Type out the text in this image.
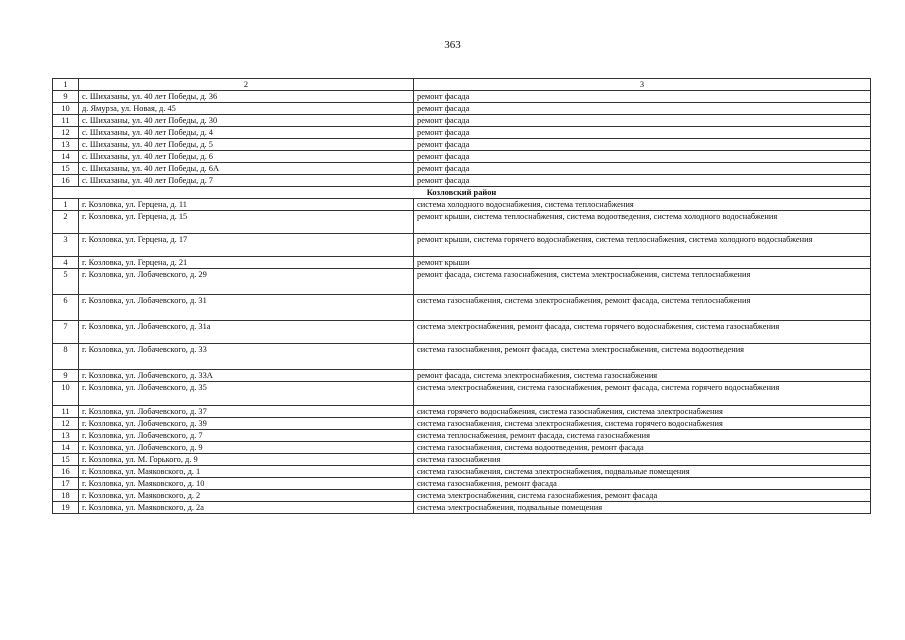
363
1	2	3
9	с. Шихазаны, ул. 40 лет Победы, д. 36	ремонт фасада
10	д. Ямурза, ул. Новая, д. 45	ремонт фасада
11	с. Шихазаны, ул. 40 лет Победы, д. 30	ремонт фасада
12	с. Шихазаны, ул. 40 лет Победы, д. 4	ремонт фасада
13	с. Шихазаны, ул. 40 лет Победы, д. 5	ремонт фасада
14	с. Шихазаны, ул. 40 лет Победы, д. 6	ремонт фасада
15	с. Шихазаны, ул. 40 лет Победы, д. 6А	ремонт фасада
16	с. Шихазаны, ул. 40 лет Победы, д. 7	ремонт фасада
Козловский район		
1	г. Козловка, ул. Герцена, д. 11	система холодного водоснабжения, система теплоснабжения
2	г. Козловка, ул. Герцена, д. 15	ремонт крыши, система теплоснабжения, система водоотведения, система холодного водоснабжения
3	г. Козловка, ул. Герцена, д. 17	ремонт крыши, система горячего водоснабжения, система теплоснабжения, система холодного водоснабжения
4	г. Козловка, ул. Герцена, д. 21	ремонт крыши
5	г. Козловка, ул. Лобачевского, д. 29	ремонт фасада, система газоснабжения, система электроснабжения, система теплоснабжения
6	г. Козловка, ул. Лобачевского, д. 31	система газоснабжения, система электроснабжения, ремонт фасада, система теплоснабжения
7	г. Козловка, ул. Лобачевского, д. 31а	система электроснабжения, ремонт фасада, система горячего водоснабжения, система газоснабжения
8	г. Козловка, ул. Лобачевского, д. 33	система газоснабжения, ремонт фасада, система электроснабжения, система водоотведения
9	г. Козловка, ул. Лобачевского, д. 33А	ремонт фасада, система электроснабжения, система газоснабжения
10	г. Козловка, ул. Лобачевского, д. 35	система электроснабжения, система газоснабжения, ремонт фасада, система горячего водоснабжения
11	г. Козловка, ул. Лобачевского, д. 37	система горячего водоснабжения, система газоснабжения, система электроснабжения
12	г. Козловка, ул. Лобачевского, д. 39	система газоснабжения, система электроснабжения, система горячего водоснабжения
13	г. Козловка, ул. Лобачевского, д. 7	система теплоснабжения, ремонт фасада, система газоснабжения
14	г. Козловка, ул. Лобачевского, д. 9	система газоснабжения, система водоотведения, ремонт фасада
15	г. Козловка, ул. М. Горького, д. 9	система газоснабжения
16	г. Козловка, ул. Маяковского, д. 1	система газоснабжения, система электроснабжения, подвальные помещения
17	г. Козловка, ул. Маяковского, д. 10	система газоснабжения, ремонт фасада
18	г. Козловка, ул. Маяковского, д. 2	система электроснабжения, система газоснабжения, ремонт фасада
19	г. Козловка, ул. Маяковского, д. 2а	система электроснабжения, подвальные помещения
